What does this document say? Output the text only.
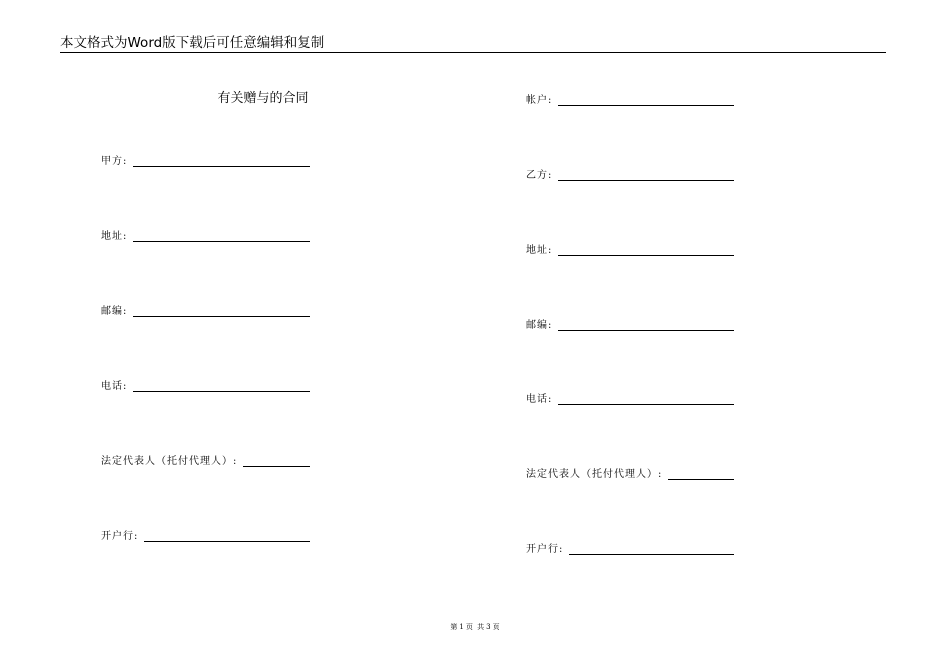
本文格式为Word版下载后可任意编辑和复制
有关赠与的合同
甲方:
地址:
邮编:
电话:
法定代表人（托付代理人）:
开户行:
帐户:
乙方:
地址:
邮编:
电话:
法定代表人（托付代理人）:
开户行:
第 1 页 共 3 页
